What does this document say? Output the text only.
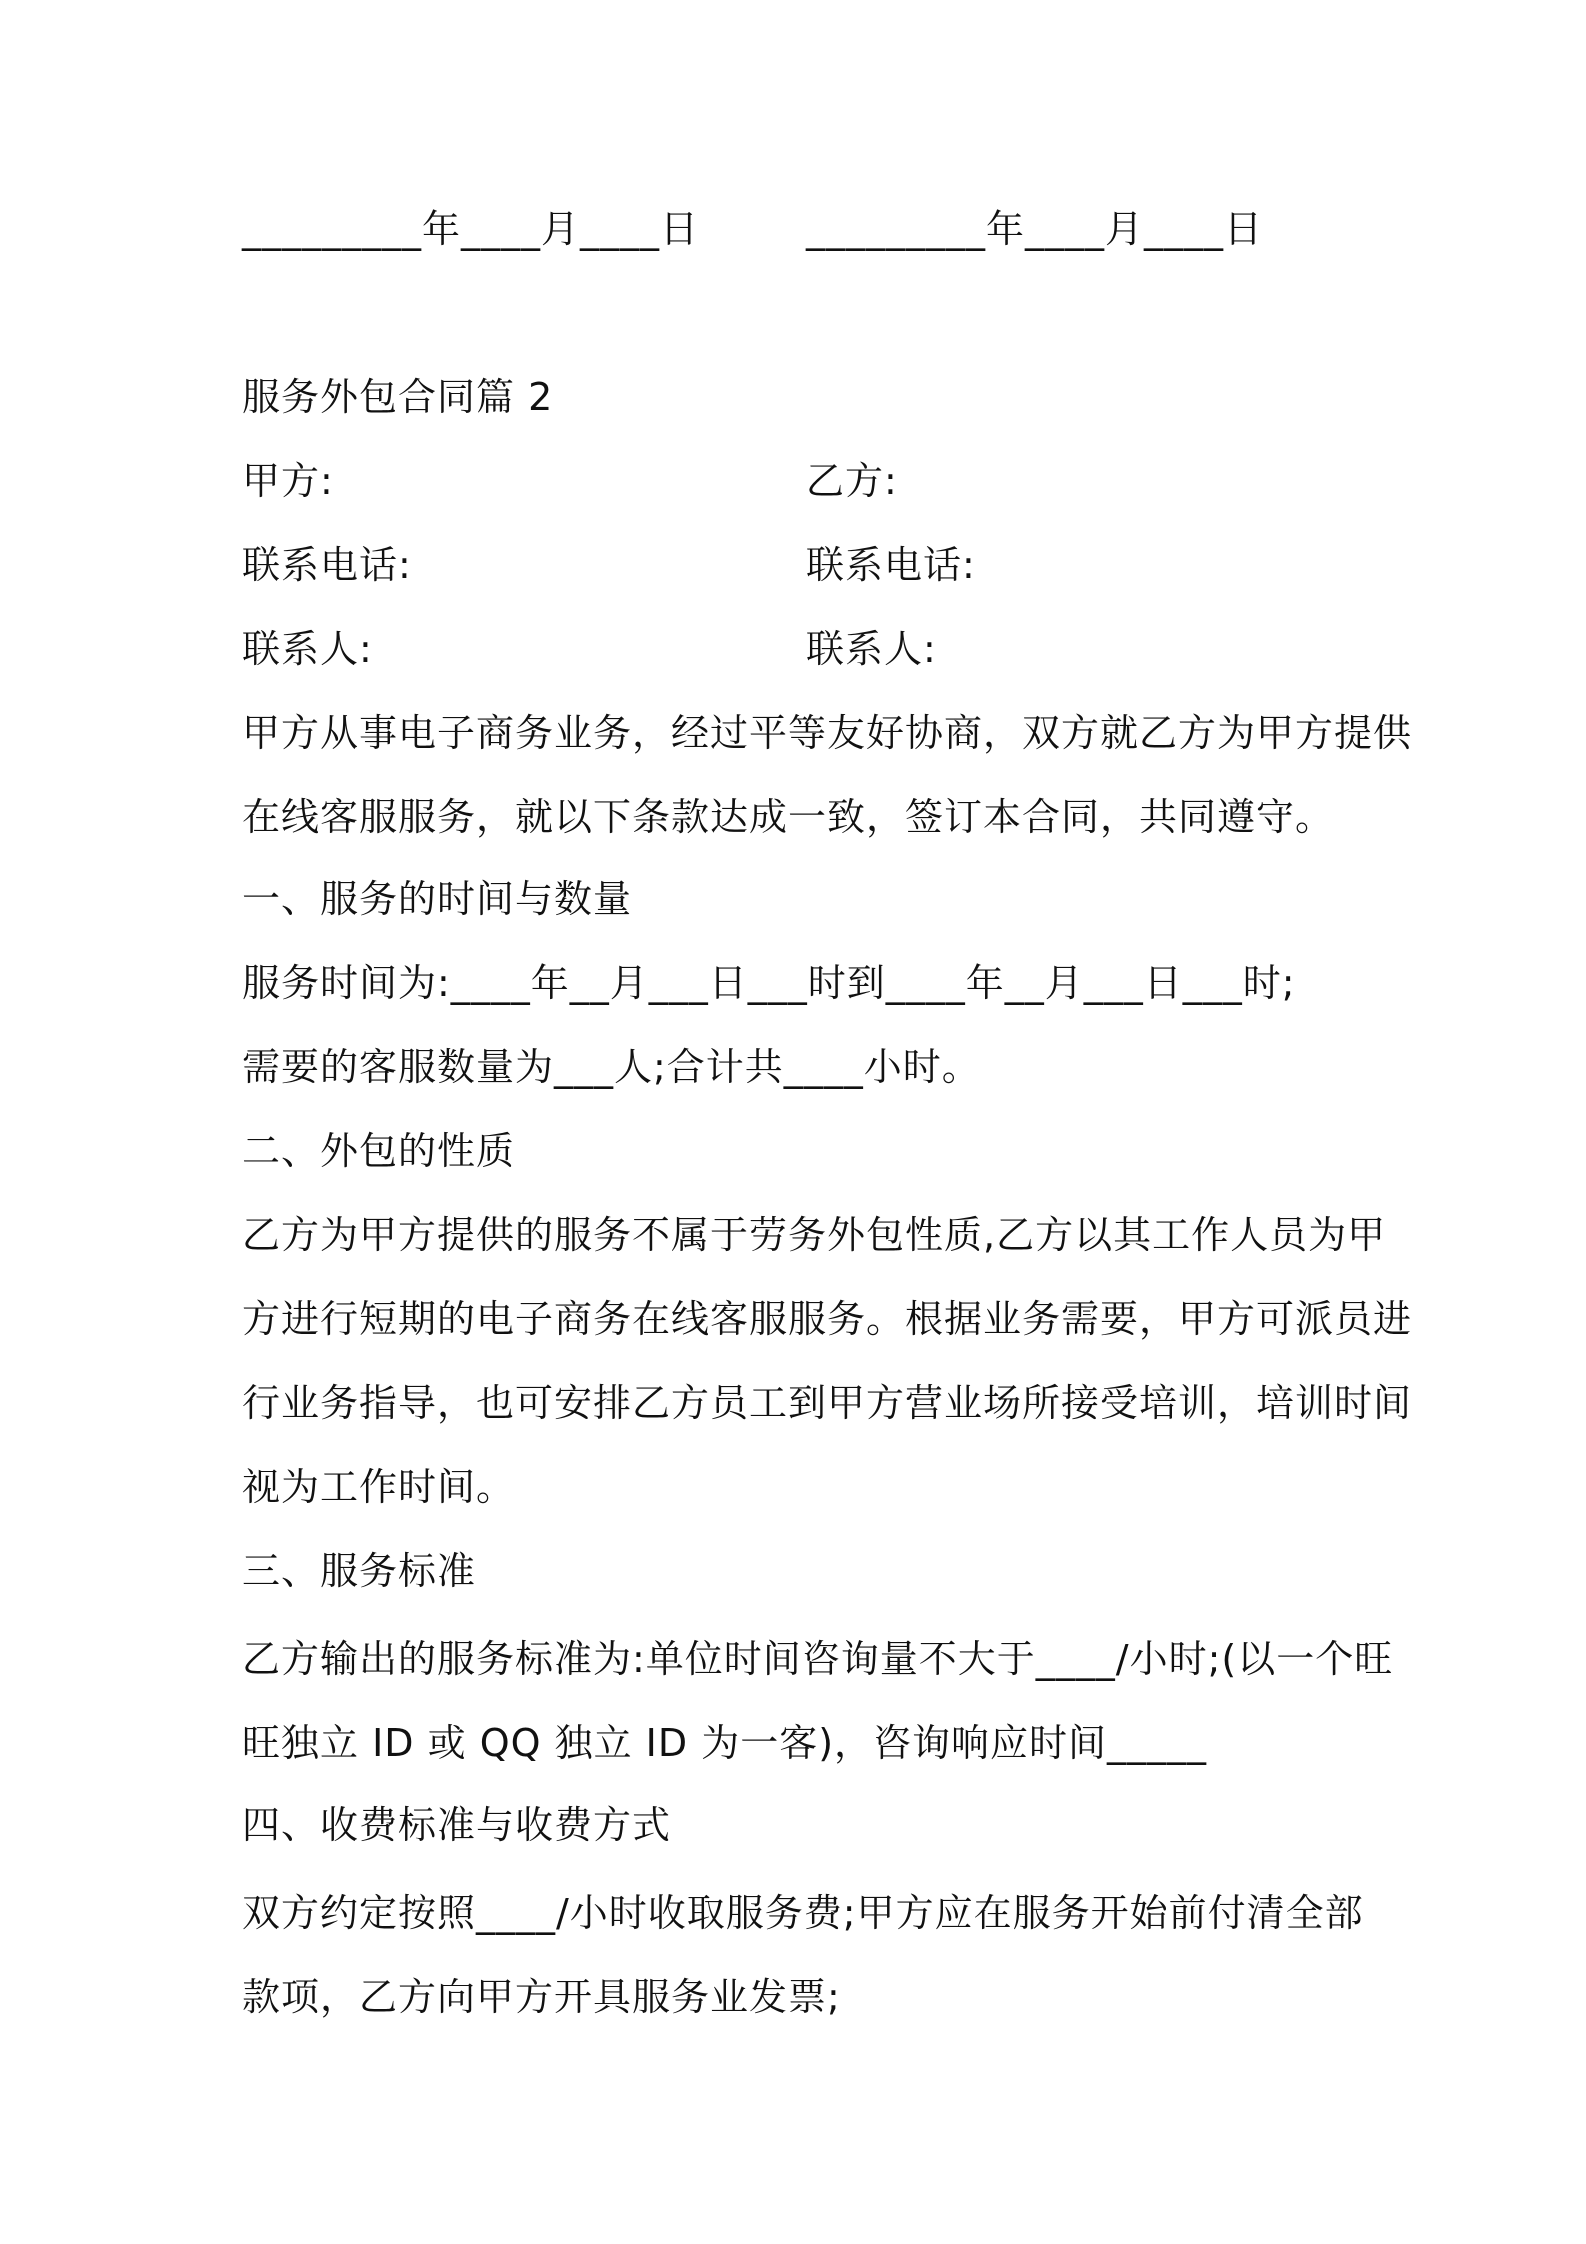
_________年____月____日	_________年____月____日
服务外包合同篇 2
甲方:	乙方:
联系电话:	联系电话:
联系人:	联系人:
甲方从事电子商务业务，经过平等友好协商，双方就乙方为甲方提供
在线客服服务，就以下条款达成一致，签订本合同，共同遵守。
一、服务的时间与数量
服务时间为:____年__月___日___时到____年__月___日___时;
需要的客服数量为___人;合计共____小时。
二、外包的性质
乙方为甲方提供的服务不属于劳务外包性质,乙方以其工作人员为甲
方进行短期的电子商务在线客服服务。根据业务需要，甲方可派员进
行业务指导，也可安排乙方员工到甲方营业场所接受培训，培训时间
视为工作时间。
三、服务标准
乙方输出的服务标准为:单位时间咨询量不大于____/小时;(以一个旺
旺独立 ID 或 QQ 独立 ID 为一客)，咨询响应时间_____
四、收费标准与收费方式
双方约定按照____/小时收取服务费;甲方应在服务开始前付清全部
款项，乙方向甲方开具服务业发票;
